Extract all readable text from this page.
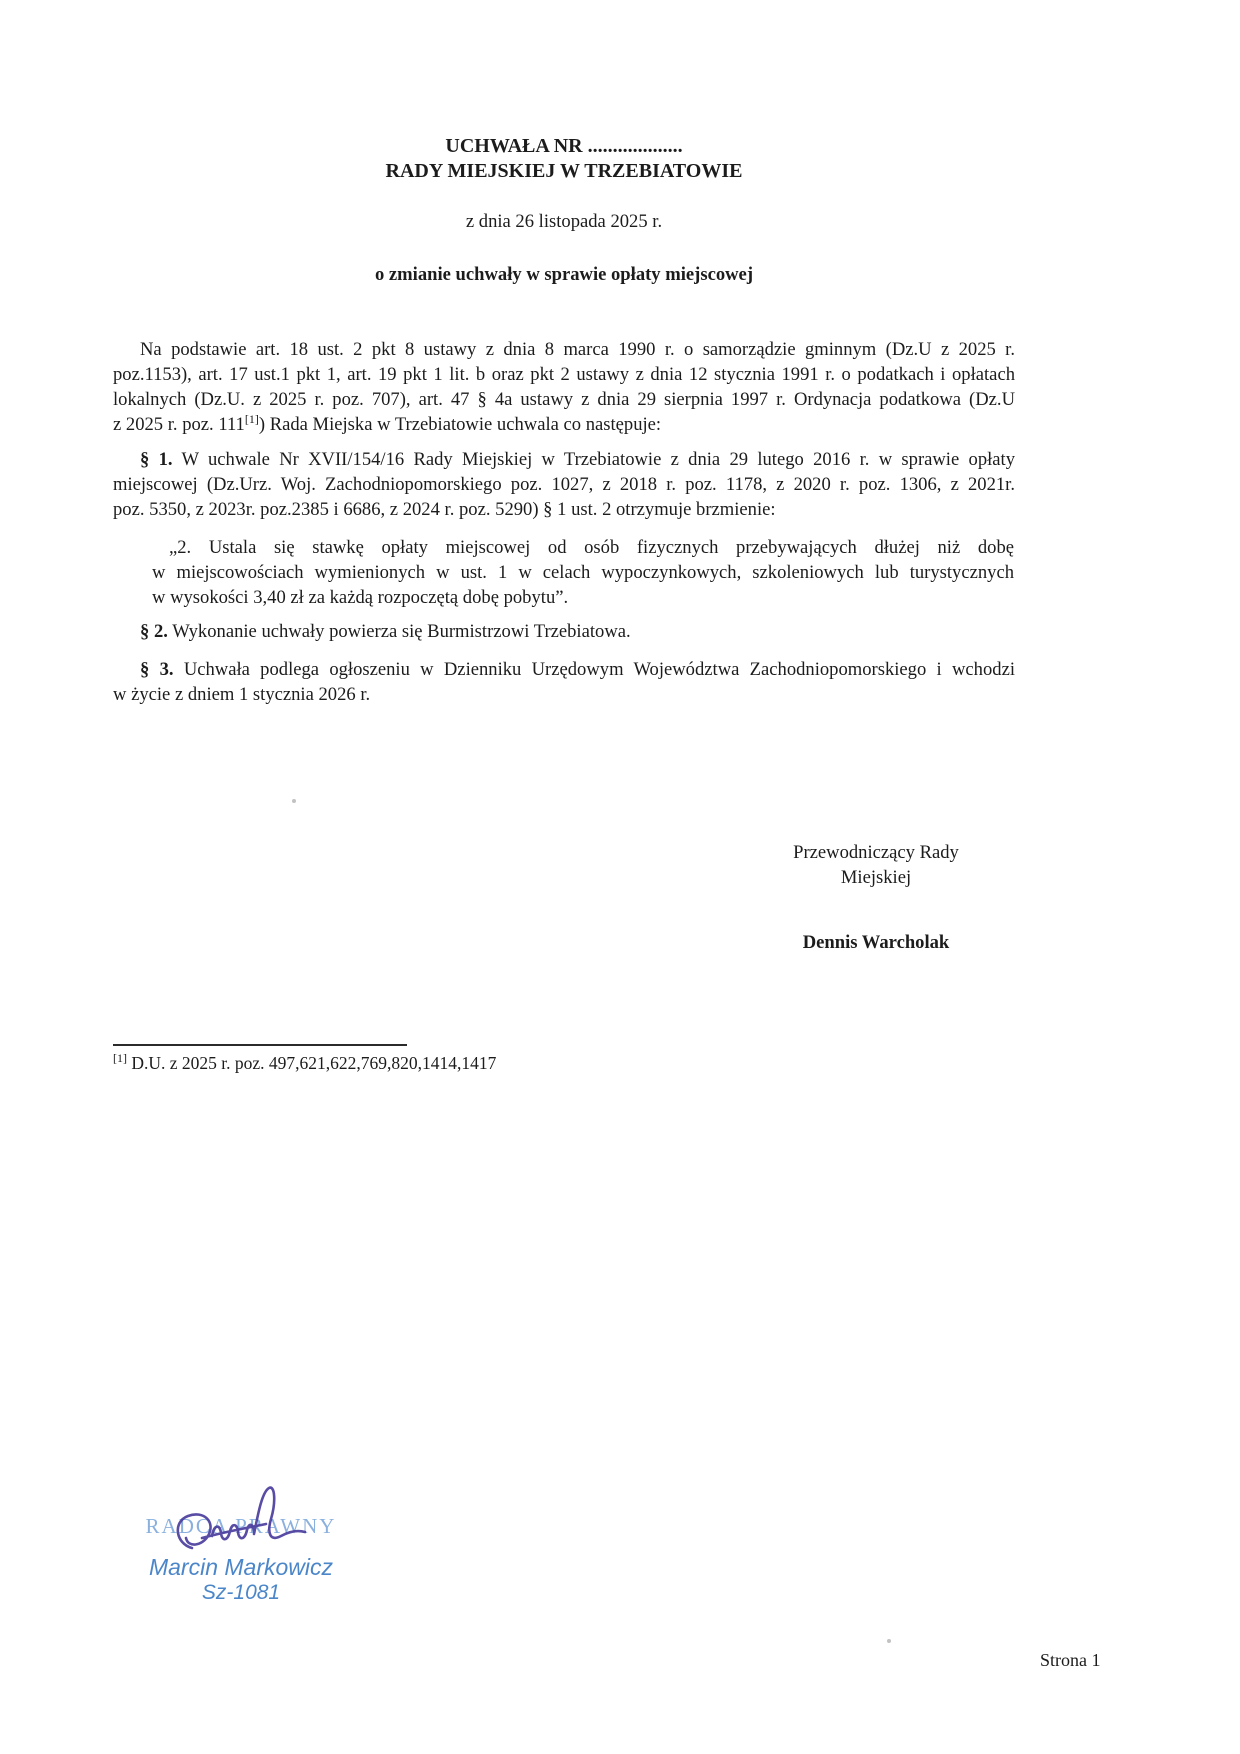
UCHWAŁA NR ...................
RADY MIEJSKIEJ W TRZEBIATOWIE
z dnia 26 listopada 2025 r.
o zmianie uchwały w sprawie opłaty miejscowej
Na podstawie art. 18 ust. 2 pkt 8 ustawy z dnia 8 marca 1990 r. o samorządzie gminnym (Dz.U z 2025 r.
poz.1153), art. 17 ust.1 pkt 1, art. 19 pkt 1 lit. b oraz pkt 2 ustawy z dnia 12 stycznia 1991 r. o podatkach i opłatach
lokalnych (Dz.U. z 2025 r. poz. 707), art. 47 § 4a ustawy z dnia 29 sierpnia 1997 r. Ordynacja podatkowa (Dz.U
z 2025 r. poz. 111[1]) Rada Miejska w Trzebiatowie uchwala co następuje:
§ 1. W uchwale Nr XVII/154/16 Rady Miejskiej w Trzebiatowie z dnia 29 lutego 2016 r. w sprawie opłaty
miejscowej (Dz.Urz. Woj. Zachodniopomorskiego poz. 1027, z 2018 r. poz. 1178, z 2020 r. poz. 1306, z 2021r.
poz. 5350, z 2023r. poz.2385 i 6686, z 2024 r. poz. 5290) § 1 ust. 2 otrzymuje brzmienie:
„2. Ustala się stawkę opłaty miejscowej od osób fizycznych przebywających dłużej niż dobę
w miejscowościach wymienionych w ust. 1 w celach wypoczynkowych, szkoleniowych lub turystycznych
w wysokości 3,40 zł za każdą rozpoczętą dobę pobytu”.
§ 2. Wykonanie uchwały powierza się Burmistrzowi Trzebiatowa.
§ 3. Uchwała podlega ogłoszeniu w Dzienniku Urzędowym Województwa Zachodniopomorskiego i wchodzi
w życie z dniem 1 stycznia 2026 r.
Przewodniczący Rady
Miejskiej
Dennis Warcholak
[1] D.U. z 2025 r. poz. 497,621,622,769,820,1414,1417
RADCA PRAWNY
Marcin Markowicz
Sz-1081
Strona 1
